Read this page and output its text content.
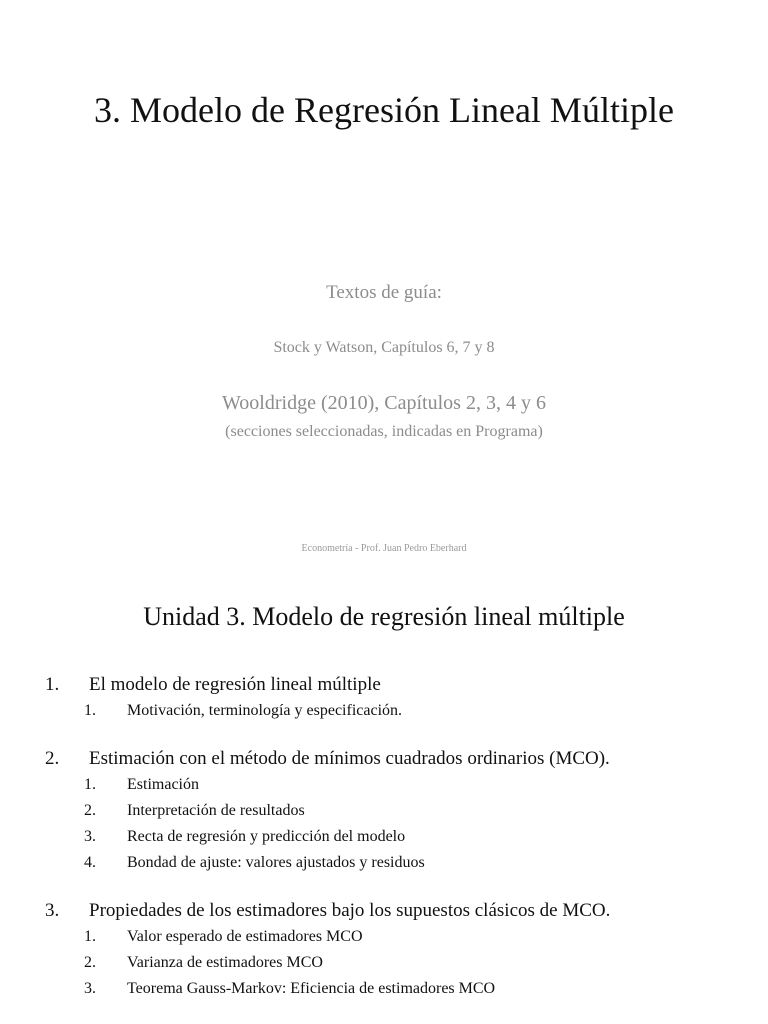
3. Modelo de Regresión Lineal Múltiple
Textos de guía:
Stock y Watson, Capítulos 6, 7 y 8
Wooldridge (2010), Capítulos 2, 3, 4 y 6
(secciones seleccionadas, indicadas en Programa)
Econometría - Prof. Juan Pedro Eberhard
Unidad 3. Modelo de regresión lineal múltiple
1. El modelo de regresión lineal múltiple
1. Motivación, terminología y especificación.
2. Estimación con el método de mínimos cuadrados ordinarios (MCO).
1. Estimación
2. Interpretación de resultados
3. Recta de regresión y predicción del modelo
4. Bondad de ajuste: valores ajustados y residuos
3. Propiedades de los estimadores bajo los supuestos clásicos de MCO.
1. Valor esperado de estimadores MCO
2. Varianza de estimadores MCO
3. Teorema Gauss-Markov: Eficiencia de estimadores MCO
